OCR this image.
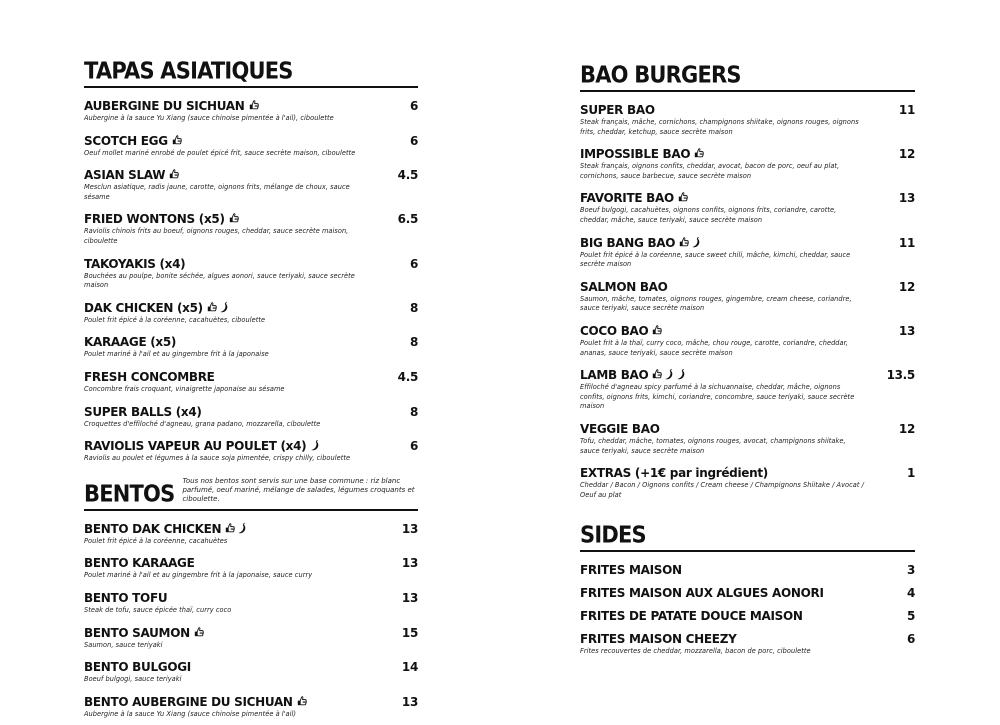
TAPAS ASIATIQUES
AUBERGINE DU SICHUAN	6
Aubergine à la sauce Yu Xiang (sauce chinoise pimentée à l'ail), ciboulette
SCOTCH EGG	6
Oeuf mollet mariné enrobé de poulet épicé frit, sauce secrète maison, ciboulette
ASIAN SLAW	4.5
Mesclun asiatique, radis jaune, carotte, oignons frits, mélange de choux, sauce sésame
FRIED WONTONS (x5)	6.5
Raviolis chinois frits au boeuf, oignons rouges, cheddar, sauce secrète maison, ciboulette
TAKOYAKIS (x4)	6
Bouchées au poulpe, bonite séchée, algues aonori, sauce teriyaki, sauce secrète maison
DAK CHICKEN (x5)	8
Poulet frit épicé à la coréenne, cacahuètes, ciboulette
KARAAGE (x5)	8
Poulet mariné à l'ail et au gingembre frit à la japonaise
FRESH CONCOMBRE	4.5
Concombre frais croquant, vinaigrette japonaise au sésame
SUPER BALLS (x4)	8
Croquettes d'effiloché d'agneau, grana padano, mozzarella, ciboulette
RAVIOLIS VAPEUR AU POULET (x4)	6
Raviolis au poulet et légumes à la sauce soja pimentée, crispy chilly, ciboulette
BENTOS Tous nos bentos sont servis sur une base commune : riz blanc parfumé, oeuf mariné, mélange de salades, légumes croquants et ciboulette.

BENTO DAK CHICKEN	13
Poulet frit épicé à la coréenne, cacahuètes
BENTO KARAAGE	13
Poulet mariné à l'ail et au gingembre frit à la japonaise, sauce curry
BENTO TOFU	13
Steak de tofu, sauce épicée thaï, curry coco
BENTO SAUMON	15
Saumon, sauce teriyaki
BENTO BULGOGI	14
Boeuf bulgogi, sauce teriyaki
BENTO AUBERGINE DU SICHUAN	13
Aubergine à la sauce Yu Xiang (sauce chinoise pimentée à l'ail)
BAO BURGERS
SUPER BAO	11
Steak français, mâche, cornichons, champignons shiitake, oignons rouges, oignons frits, cheddar, ketchup, sauce secrète maison
IMPOSSIBLE BAO	12
Steak français, oignons confits, cheddar, avocat, bacon de porc, oeuf au plat, cornichons, sauce barbecue, sauce secrète maison
FAVORITE BAO	13
Boeuf bulgogi, cacahuètes, oignons confits, oignons frits, coriandre, carotte, cheddar, mâche, sauce teriyaki, sauce secrète maison
BIG BANG BAO	11
Poulet frit épicé à la coréenne, sauce sweet chili, mâche, kimchi, cheddar, sauce secrète maison
SALMON BAO	12
Saumon, mâche, tomates, oignons rouges, gingembre, cream cheese, coriandre, sauce teriyaki, sauce secrète maison
COCO BAO	13
Poulet frit à la thaï, curry coco, mâche, chou rouge, carotte, coriandre, cheddar, ananas, sauce teriyaki, sauce secrète maison
LAMB BAO	13.5
Effiloché d'agneau spicy parfumé à la sichuannaise, cheddar, mâche, oignons confits, oignons frits, kimchi, coriandre, concombre, sauce teriyaki, sauce secrète maison
VEGGIE BAO	12
Tofu, cheddar, mâche, tomates, oignons rouges, avocat, champignons shiitake, sauce teriyaki, sauce secrète maison
EXTRAS (+1€ par ingrédient)	1
Cheddar / Bacon / Oignons confits / Cream cheese / Champignons Shiitake / Avocat / Oeuf au plat
SIDES
FRITES MAISON	3
FRITES MAISON AUX ALGUES AONORI	4
FRITES DE PATATE DOUCE MAISON	5
FRITES MAISON CHEEZY	6
Frites recouvertes de cheddar, mozzarella, bacon de porc, ciboulette
